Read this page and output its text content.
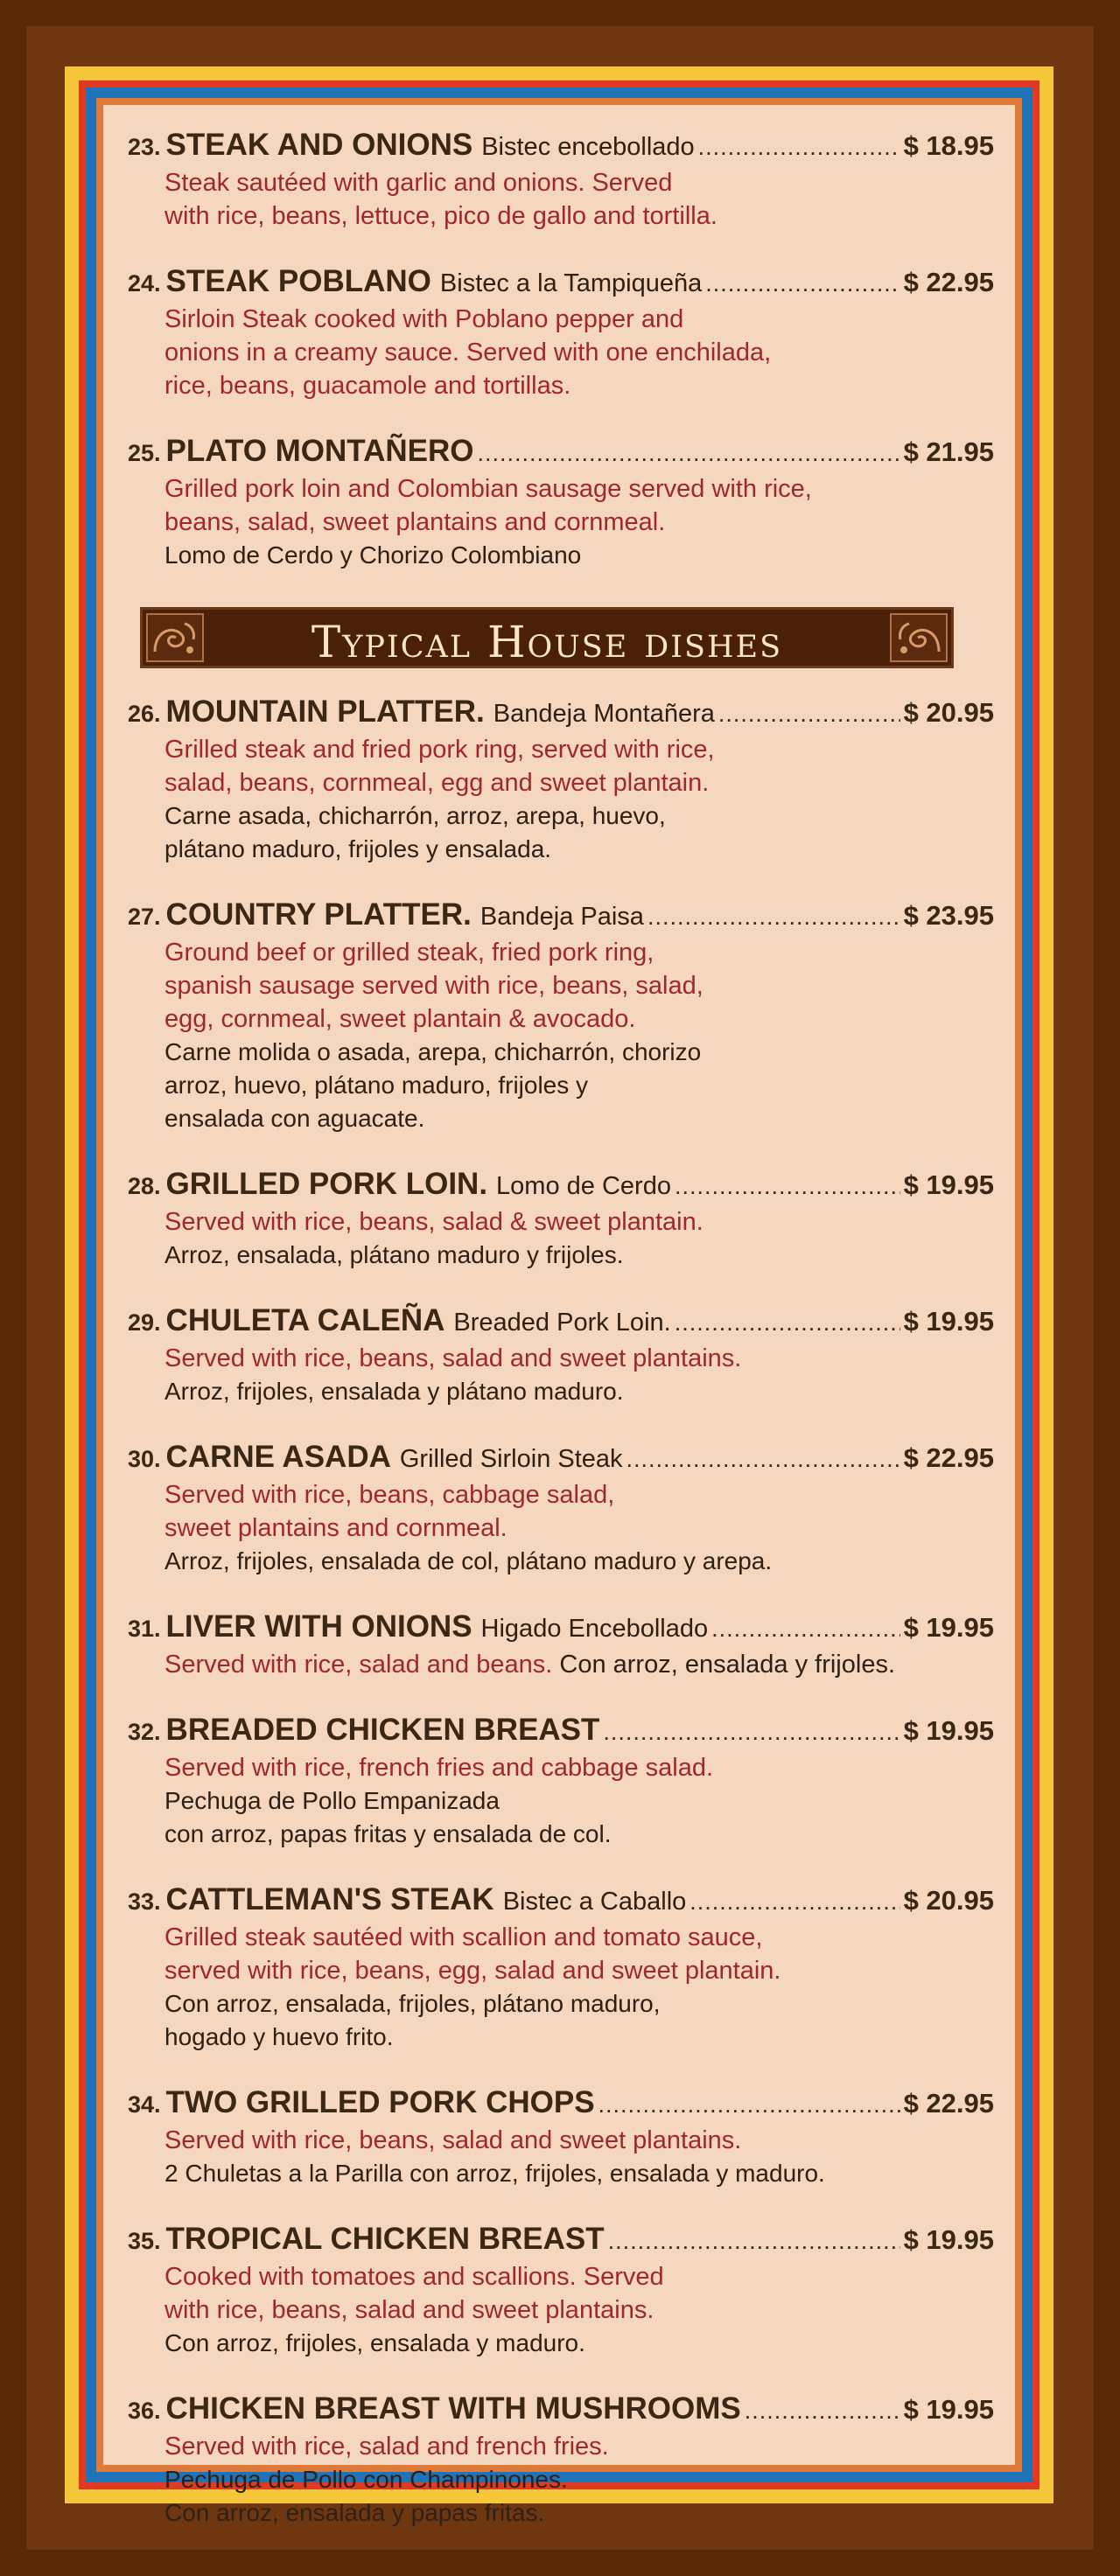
23. STEAK AND ONIONS Bistec encebollado .....	$ 18.95
Steak sautéed with garlic and onions. Served
with rice, beans, lettuce, pico de gallo and tortilla.
24. STEAK POBLANO Bistec a la Tampiqueña .....	$ 22.95
Sirloin Steak cooked with Poblano pepper and
onions in a creamy sauce. Served with one enchilada,
rice, beans, guacamole and tortillas.
25. PLATO MONTAÑERO .....	$ 21.95
Grilled pork loin and Colombian sausage served with rice,
beans, salad, sweet plantains and cornmeal.
Lomo de Cerdo y Chorizo Colombiano
Typical House dishes
26. MOUNTAIN PLATTER. Bandeja Montañera .....	$ 20.95
Grilled steak and fried pork ring, served with rice,
salad, beans, cornmeal, egg and sweet plantain.
Carne asada, chicharrón, arroz, arepa, huevo,
plátano maduro, frijoles y ensalada.
27. COUNTRY PLATTER. Bandeja Paisa .....	$ 23.95
Ground beef or grilled steak, fried pork ring,
spanish sausage served with rice, beans, salad,
egg, cornmeal, sweet plantain & avocado.
Carne molida o asada, arepa, chicharrón, chorizo
arroz, huevo, plátano maduro, frijoles y
ensalada con aguacate.
28. GRILLED PORK LOIN. Lomo de Cerdo .....	$ 19.95
Served with rice, beans, salad & sweet plantain.
Arroz, ensalada, plátano maduro y frijoles.
29. CHULETA CALEÑA Breaded Pork Loin. .....	$ 19.95
Served with rice, beans, salad and sweet plantains.
Arroz, frijoles, ensalada y plátano maduro.
30. CARNE ASADA Grilled Sirloin Steak .....	$ 22.95
Served with rice, beans, cabbage salad,
sweet plantains and cornmeal.
Arroz, frijoles, ensalada de col, plátano maduro y arepa.
31. LIVER WITH ONIONS Higado Encebollado .....	$ 19.95
Served with rice, salad and beans. Con arroz, ensalada y frijoles.
32. BREADED CHICKEN BREAST .....	$ 19.95
Served with rice, french fries and cabbage salad.
Pechuga de Pollo Empanizada
con arroz, papas fritas y ensalada de col.
33. CATTLEMAN'S STEAK Bistec a Caballo .....	$ 20.95
Grilled steak sautéed with scallion and tomato sauce,
served with rice, beans, egg, salad and sweet plantain.
Con arroz, ensalada, frijoles, plátano maduro,
hogado y huevo frito.
34. TWO GRILLED PORK CHOPS .....	$ 22.95
Served with rice, beans, salad and sweet plantains.
2 Chuletas a la Parilla con arroz, frijoles, ensalada y maduro.
35. TROPICAL CHICKEN BREAST .....	$ 19.95
Cooked with tomatoes and scallions. Served
with rice, beans, salad and sweet plantains.
Con arroz, frijoles, ensalada y maduro.
36. CHICKEN BREAST WITH MUSHROOMS .....	$ 19.95
Served with rice, salad and french fries.
Pechuga de Pollo con Champinones.
Con arroz, ensalada y papas fritas.
